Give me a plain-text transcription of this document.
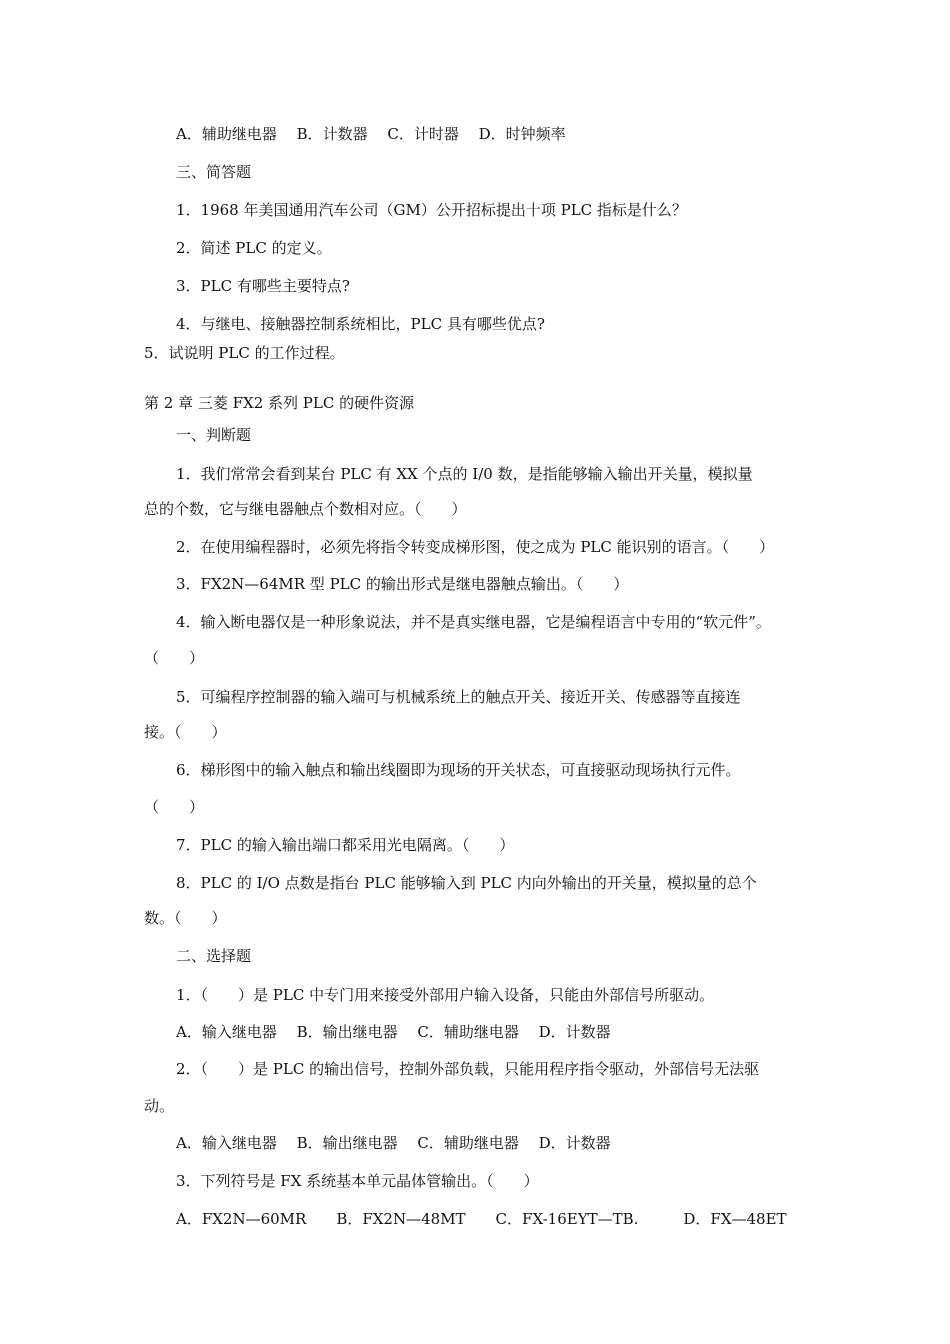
A．辅助继电器　 B．计数器　 C．计时器　 D．时钟频率
三、简答题
1．1968 年美国通用汽车公司（GM）公开招标提出十项 PLC 指标是什么？
2．简述 PLC 的定义。
3．PLC 有哪些主要特点?
4．与继电、接触器控制系统相比，PLC 具有哪些优点?
5．试说明 PLC 的工作过程。
第 2 章 三菱 FX2 系列 PLC 的硬件资源
一、判断题
1．我们常常会看到某台 PLC 有 XX 个点的 I/0 数，是指能够输入输出开关量，模拟量
总的个数，它与继电器触点个数相对应。（　　）
2．在使用编程器时，必须先将指令转变成梯形图，使之成为 PLC 能识别的语言。（　　）
3．FX2N—64MR 型 PLC 的输出形式是继电器触点输出。（　　）
4．输入断电器仅是一种形象说法，并不是真实继电器，它是编程语言中专用的“软元件”。
（　　）
5．可编程序控制器的输入端可与机械系统上的触点开关、接近开关、传感器等直接连
接。（　　）
6．梯形图中的输入触点和输出线圈即为现场的开关状态，可直接驱动现场执行元件。
（　　）
7．PLC 的输入输出端口都采用光电隔离。（　　）
8．PLC 的 I/O 点数是指台 PLC 能够输入到 PLC 内向外输出的开关量，模拟量的总个
数。（　　）
二、选择题
1．（　　）是 PLC 中专门用来接受外部用户输入设备，只能由外部信号所驱动。
A．输入继电器　 B．输出继电器　 C．辅助继电器　 D．计数器
2．（　　）是 PLC 的输出信号，控制外部负载，只能用程序指令驱动，外部信号无法驱
动。
A．输入继电器　 B．输出继电器　 C．辅助继电器　 D．计数器
3．下列符号是 FX 系统基本单元晶体管输出。（　　）
A．FX2N—60MR　　B．FX2N—48MT　　C．FX-16EYT—TB.　　　D．FX—48ET
